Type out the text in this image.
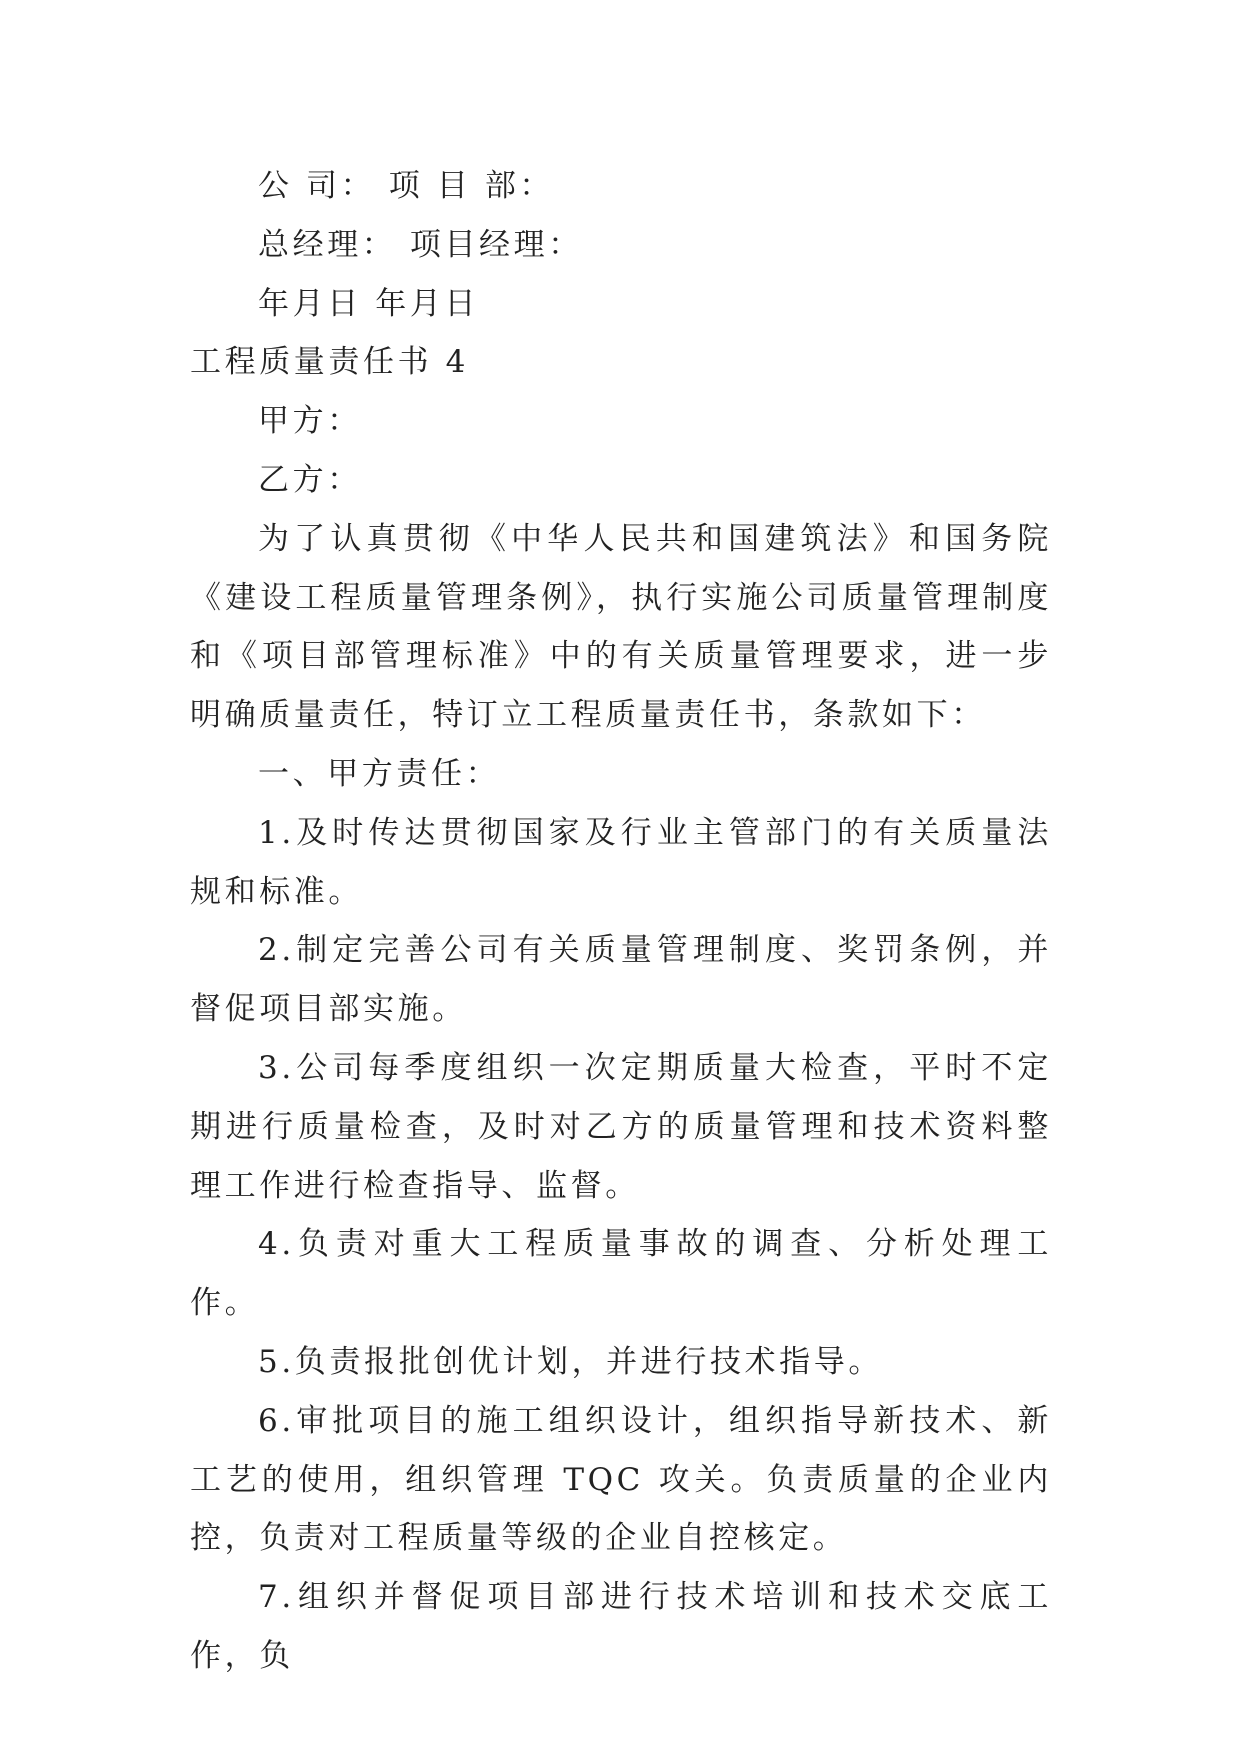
公 司： 项 目 部：

总经理： 项目经理：

年月日 年月日

工程质量责任书 4

甲方：

乙方：

为了认真贯彻《中华人民共和国建筑法》和国务院《建设工程质量管理条例》，执行实施公司质量管理制度和《项目部管理标准》中的有关质量管理要求，进一步明确质量责任，特订立工程质量责任书，条款如下：

一、甲方责任：

1.及时传达贯彻国家及行业主管部门的有关质量法规和标准。

2.制定完善公司有关质量管理制度、奖罚条例，并督促项目部实施。

3.公司每季度组织一次定期质量大检查，平时不定期进行质量检查，及时对乙方的质量管理和技术资料整理工作进行检查指导、监督。

4.负责对重大工程质量事故的调查、分析处理工作。

5.负责报批创优计划，并进行技术指导。

6.审批项目的施工组织设计，组织指导新技术、新工艺的使用，组织管理 TQC 攻关。负责质量的企业内控，负责对工程质量等级的企业自控核定。

7.组织并督促项目部进行技术培训和技术交底工作，负
